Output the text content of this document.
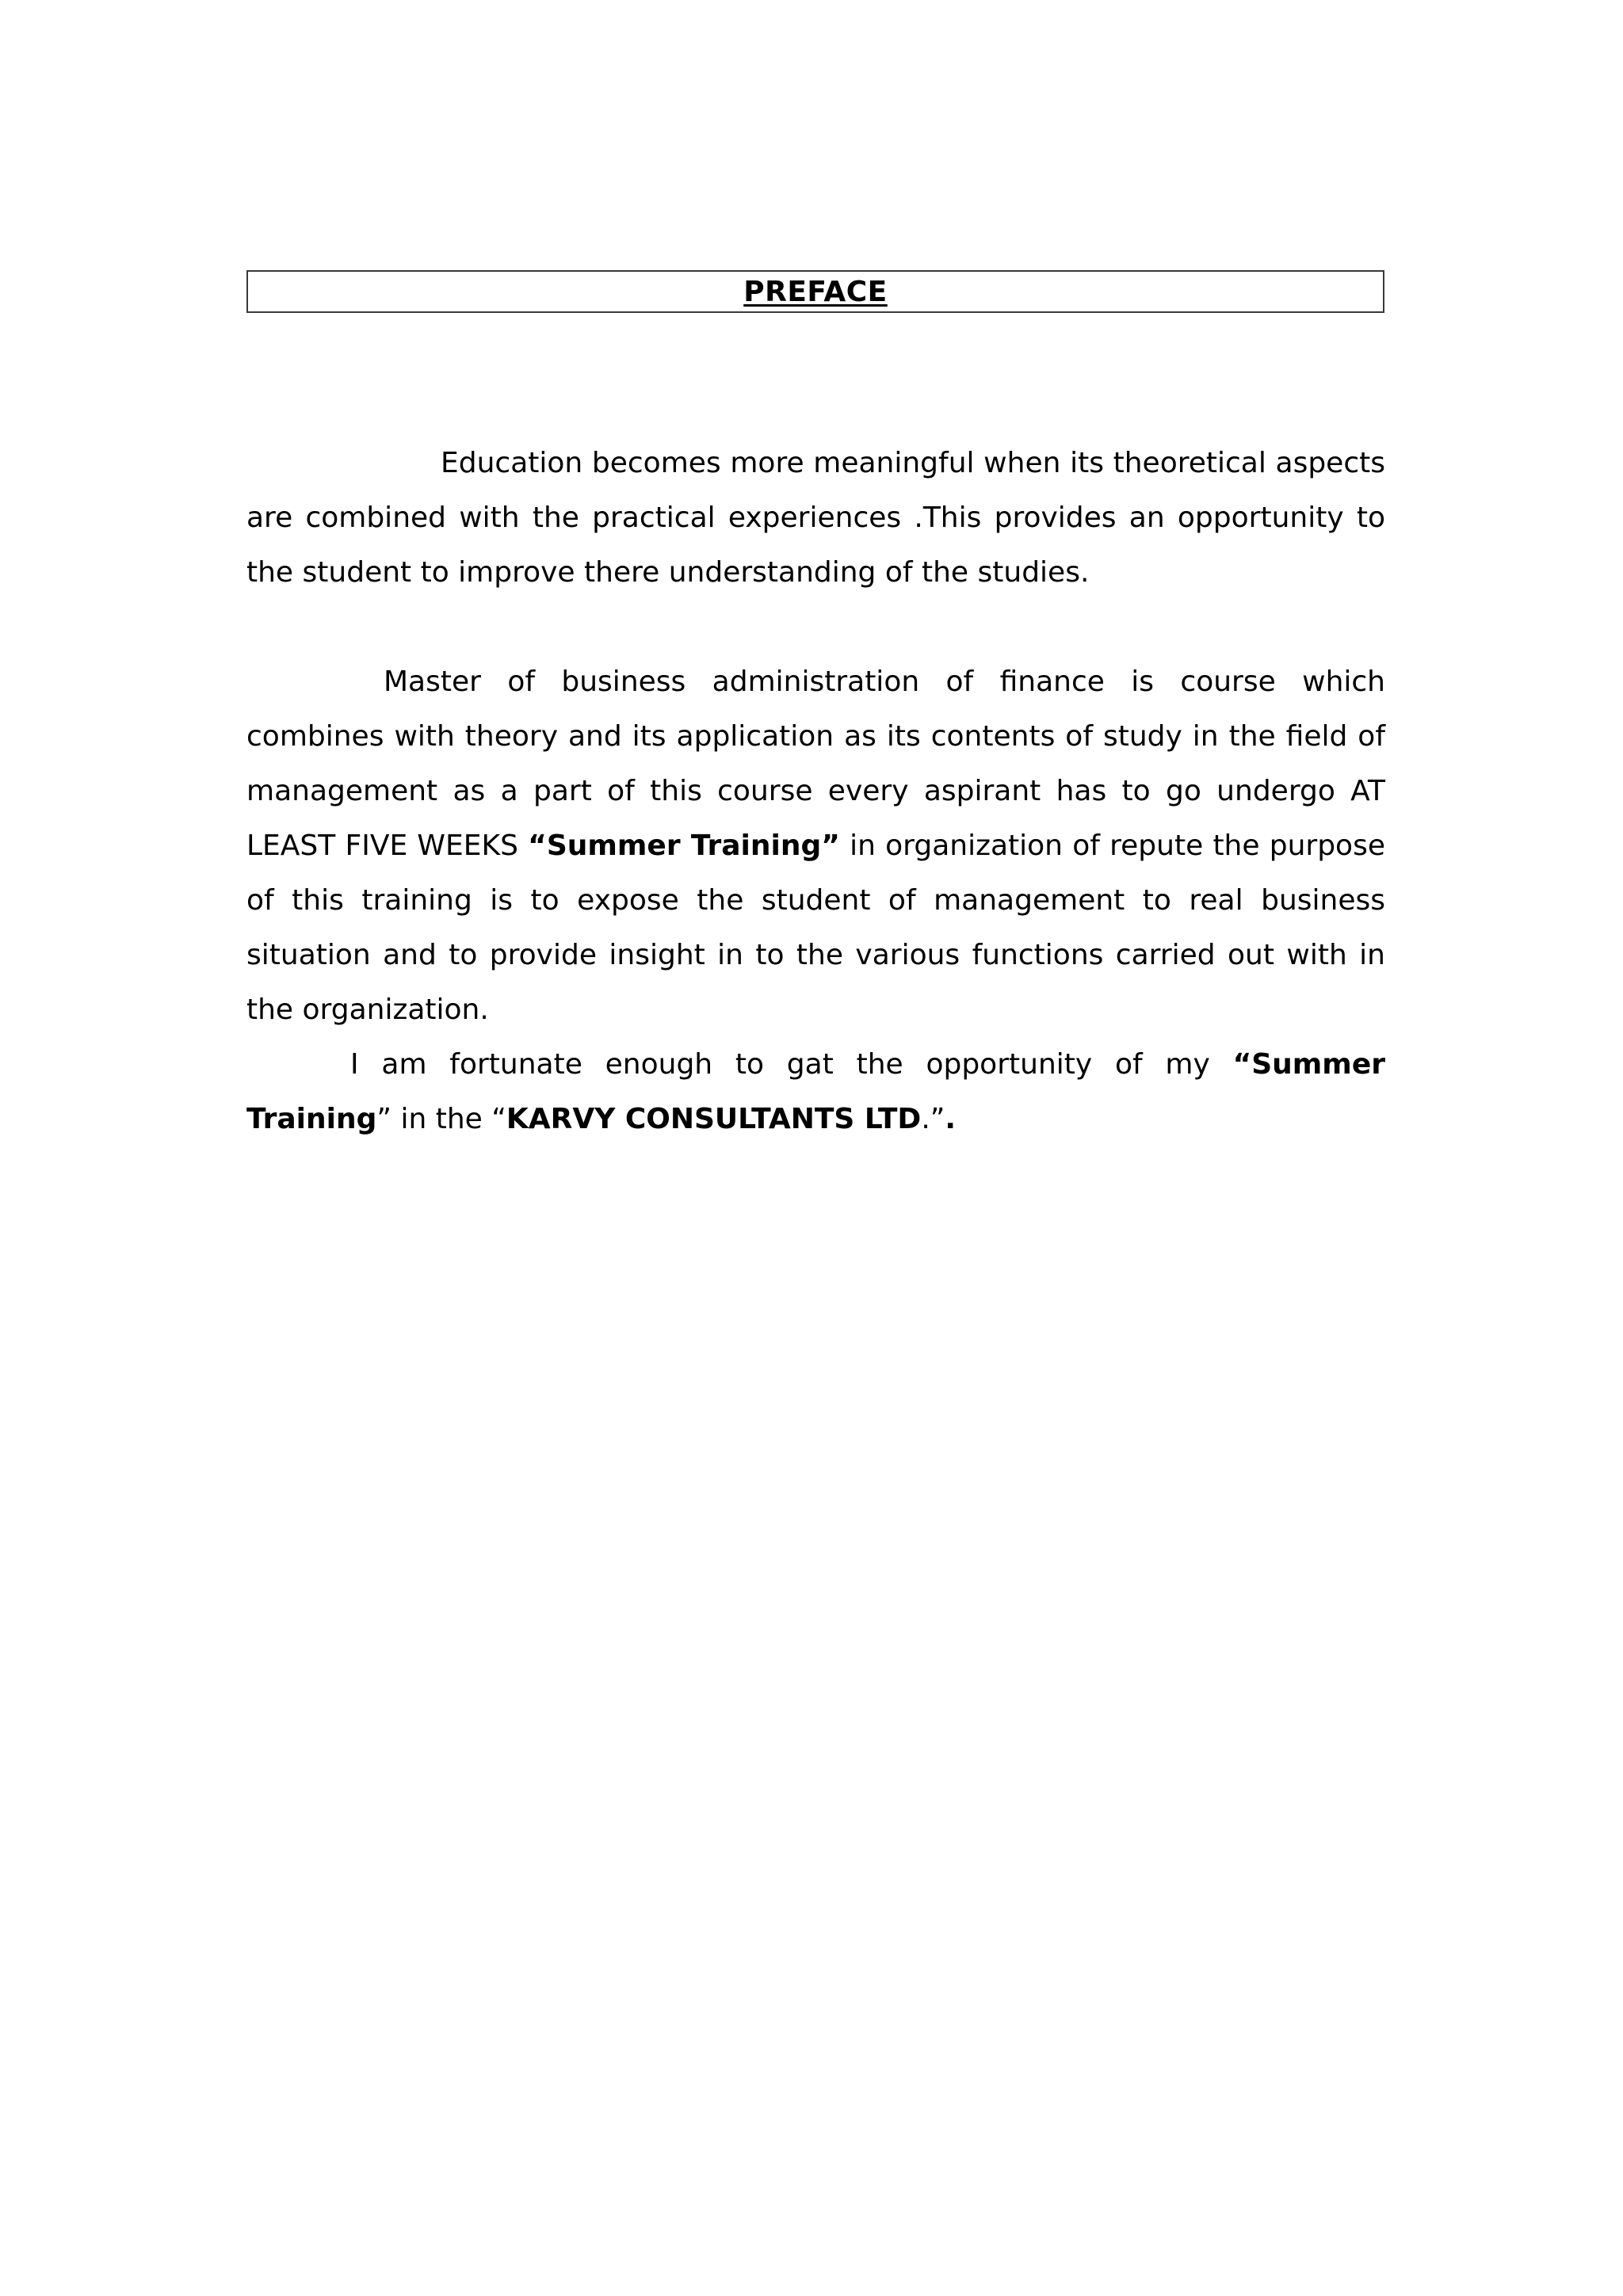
PREFACE

Education becomes more meaningful when its theoretical aspects are combined with the practical experiences .This provides an opportunity to the student to improve there understanding of the studies.

Master of business administration of finance is course which combines with theory and its application as its contents of study in the field of management as a part of this course every aspirant has to go undergo AT LEAST FIVE WEEKS “Summer Training” in organization of repute the purpose of this training is to expose the student of management to real business situation and to provide insight in to the various functions carried out with in the organization.

I am fortunate enough to gat the opportunity of my “Summer Training” in the “KARVY CONSULTANTS LTD.”.
